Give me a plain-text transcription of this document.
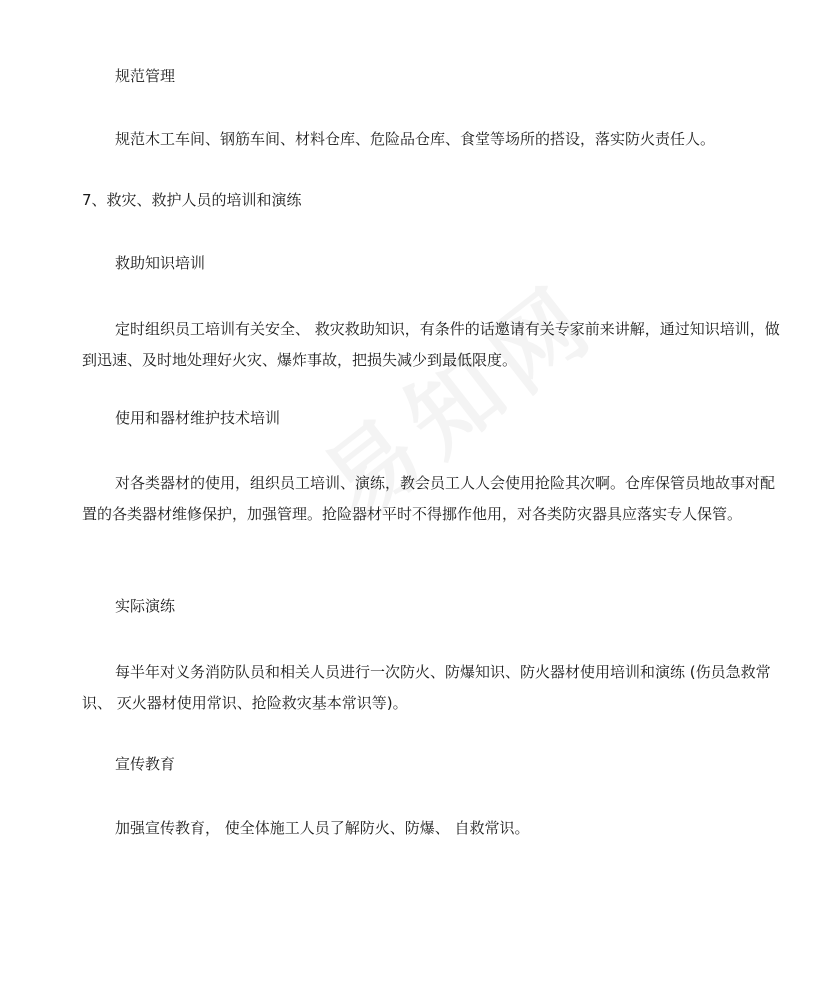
规范管理

规范木工车间、钢筋车间、材料仓库、危险品仓库、食堂等场所的搭设，落实防火责任人。

7、救灾、救护人员的培训和演练

救助知识培训

定时组织员工培训有关安全、 救灾救助知识，有条件的话邀请有关专家前来讲解，通过知识培训，做到迅速、及时地处理好火灾、爆炸事故，把损失减少到最低限度。

使用和器材维护技术培训

对各类器材的使用，组织员工培训、演练，教会员工人人会使用抢险其次啊。仓库保管员地故事对配置的各类器材维修保护，加强管理。抢险器材平时不得挪作他用，对各类防灾器具应落实专人保管。

实际演练

每半年对义务消防队员和相关人员进行一次防火、防爆知识、防火器材使用培训和演练 (伤员急救常识、 灭火器材使用常识、抢险救灾基本常识等)。

宣传教育

加强宣传教育， 使全体施工人员了解防火、防爆、 自救常识。
